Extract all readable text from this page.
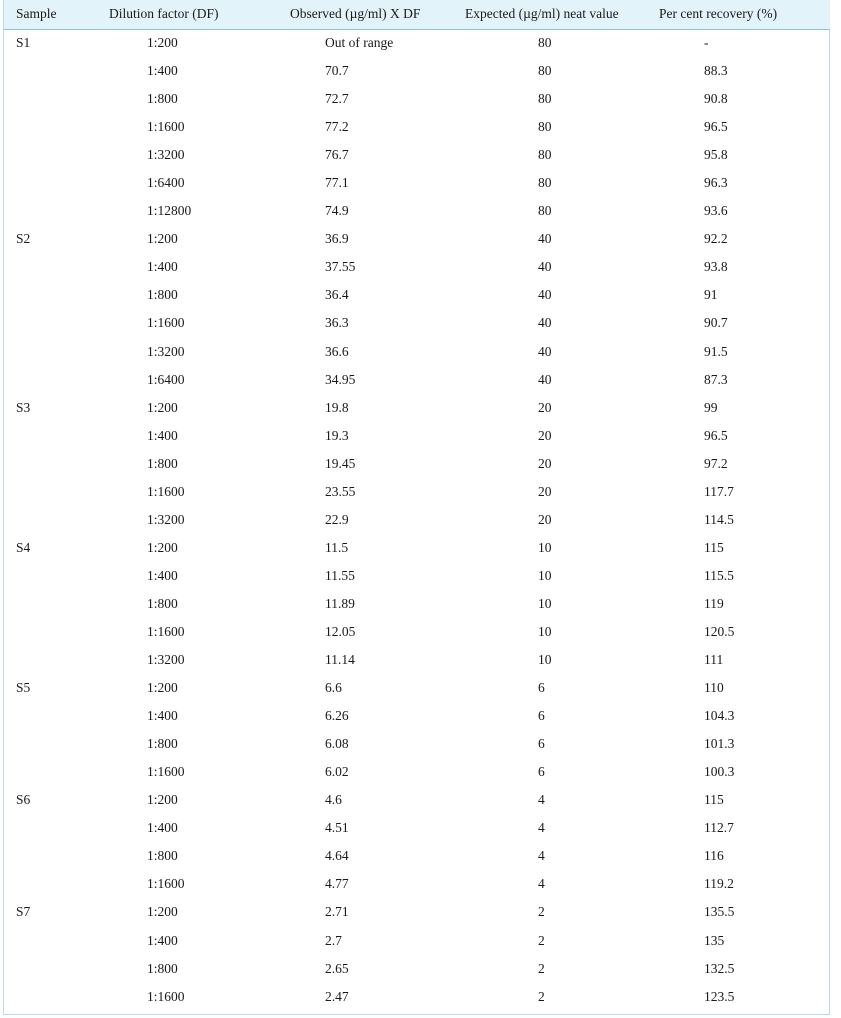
Sample	Dilution factor (DF)	Observed (µg/ml) X DF	Expected (µg/ml) neat value	Per cent recovery (%)
S1	1:200	Out of range	80	-
	1:400	70.7	80	88.3
	1:800	72.7	80	90.8
	1:1600	77.2	80	96.5
	1:3200	76.7	80	95.8
	1:6400	77.1	80	96.3
	1:12800	74.9	80	93.6
S2	1:200	36.9	40	92.2
	1:400	37.55	40	93.8
	1:800	36.4	40	91
	1:1600	36.3	40	90.7
	1:3200	36.6	40	91.5
	1:6400	34.95	40	87.3
S3	1:200	19.8	20	99
	1:400	19.3	20	96.5
	1:800	19.45	20	97.2
	1:1600	23.55	20	117.7
	1:3200	22.9	20	114.5
S4	1:200	11.5	10	115
	1:400	11.55	10	115.5
	1:800	11.89	10	119
	1:1600	12.05	10	120.5
	1:3200	11.14	10	111
S5	1:200	6.6	6	110
	1:400	6.26	6	104.3
	1:800	6.08	6	101.3
	1:1600	6.02	6	100.3
S6	1:200	4.6	4	115
	1:400	4.51	4	112.7
	1:800	4.64	4	116
	1:1600	4.77	4	119.2
S7	1:200	2.71	2	135.5
	1:400	2.7	2	135
	1:800	2.65	2	132.5
	1:1600	2.47	2	123.5
